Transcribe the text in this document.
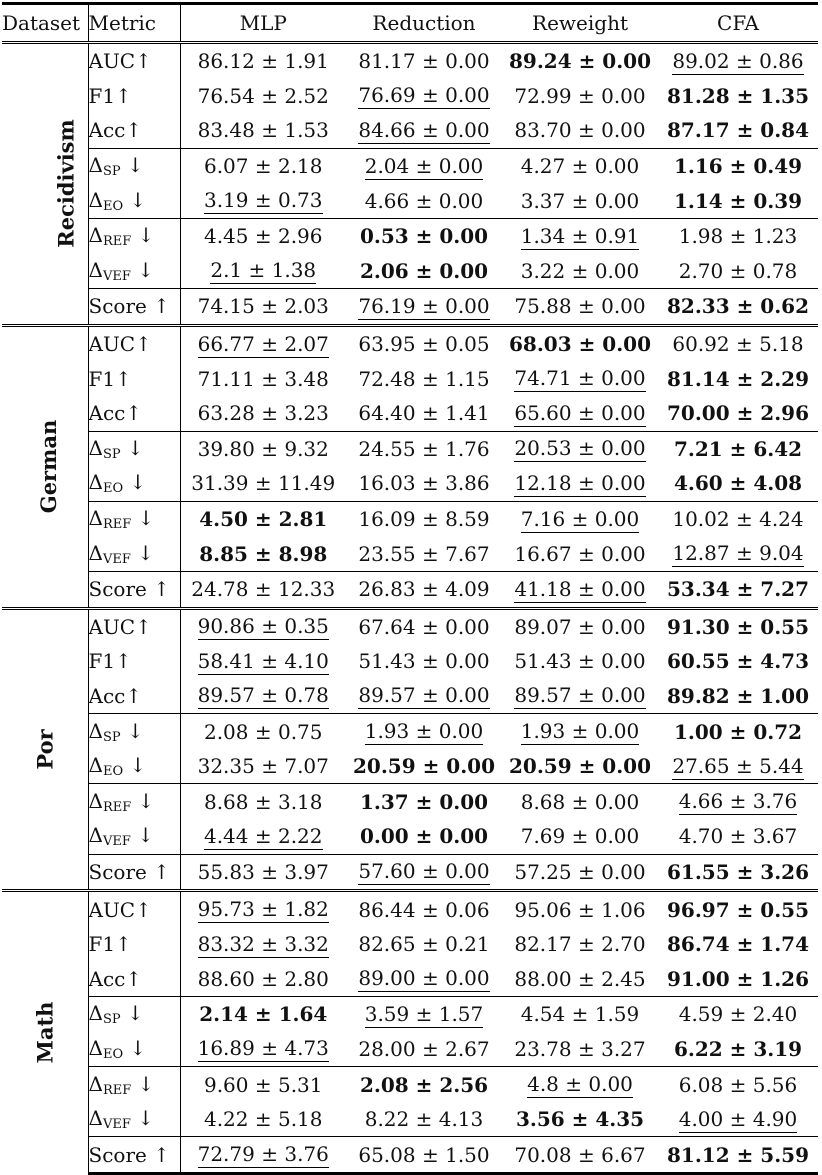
Dataset	Metric	MLP	Reduction	Reweight	CFA
Recidivism	AUC↑	86.12 ± 1.91	81.17 ± 0.00	89.24 ± 0.00	89.02 ± 0.86
	F1↑	76.54 ± 2.52	76.69 ± 0.00	72.99 ± 0.00	81.28 ± 1.35
	Acc↑	83.48 ± 1.53	84.66 ± 0.00	83.70 ± 0.00	87.17 ± 0.84
	$\Delta_{SP}$ ↓	6.07 ± 2.18	2.04 ± 0.00	4.27 ± 0.00	1.16 ± 0.49
	$\Delta_{EO}$ ↓	3.19 ± 0.73	4.66 ± 0.00	3.37 ± 0.00	1.14 ± 0.39
	$\Delta_{REF}$ ↓	4.45 ± 2.96	0.53 ± 0.00	1.34 ± 0.91	1.98 ± 1.23
	$\Delta_{VEF}$ ↓	2.1 ± 1.38	2.06 ± 0.00	3.22 ± 0.00	2.70 ± 0.78
	Score ↑	74.15 ± 2.03	76.19 ± 0.00	75.88 ± 0.00	82.33 ± 0.62
German	AUC↑	66.77 ± 2.07	63.95 ± 0.05	68.03 ± 0.00	60.92 ± 5.18
	F1↑	71.11 ± 3.48	72.48 ± 1.15	74.71 ± 0.00	81.14 ± 2.29
	Acc↑	63.28 ± 3.23	64.40 ± 1.41	65.60 ± 0.00	70.00 ± 2.96
	$\Delta_{SP}$ ↓	39.80 ± 9.32	24.55 ± 1.76	20.53 ± 0.00	7.21 ± 6.42
	$\Delta_{EO}$ ↓	31.39 ± 11.49	16.03 ± 3.86	12.18 ± 0.00	4.60 ± 4.08
	$\Delta_{REF}$ ↓	4.50 ± 2.81	16.09 ± 8.59	7.16 ± 0.00	10.02 ± 4.24
	$\Delta_{VEF}$ ↓	8.85 ± 8.98	23.55 ± 7.67	16.67 ± 0.00	12.87 ± 9.04
	Score ↑	24.78 ± 12.33	26.83 ± 4.09	41.18 ± 0.00	53.34 ± 7.27
Por	AUC↑	90.86 ± 0.35	67.64 ± 0.00	89.07 ± 0.00	91.30 ± 0.55
	F1↑	58.41 ± 4.10	51.43 ± 0.00	51.43 ± 0.00	60.55 ± 4.73
	Acc↑	89.57 ± 0.78	89.57 ± 0.00	89.57 ± 0.00	89.82 ± 1.00
	$\Delta_{SP}$ ↓	2.08 ± 0.75	1.93 ± 0.00	1.93 ± 0.00	1.00 ± 0.72
	$\Delta_{EO}$ ↓	32.35 ± 7.07	20.59 ± 0.00	20.59 ± 0.00	27.65 ± 5.44
	$\Delta_{REF}$ ↓	8.68 ± 3.18	1.37 ± 0.00	8.68 ± 0.00	4.66 ± 3.76
	$\Delta_{VEF}$ ↓	4.44 ± 2.22	0.00 ± 0.00	7.69 ± 0.00	4.70 ± 3.67
	Score ↑	55.83 ± 3.97	57.60 ± 0.00	57.25 ± 0.00	61.55 ± 3.26
Math	AUC↑	95.73 ± 1.82	86.44 ± 0.06	95.06 ± 1.06	96.97 ± 0.55
	F1↑	83.32 ± 3.32	82.65 ± 0.21	82.17 ± 2.70	86.74 ± 1.74
	Acc↑	88.60 ± 2.80	89.00 ± 0.00	88.00 ± 2.45	91.00 ± 1.26
	$\Delta_{SP}$ ↓	2.14 ± 1.64	3.59 ± 1.57	4.54 ± 1.59	4.59 ± 2.40
	$\Delta_{EO}$ ↓	16.89 ± 4.73	28.00 ± 2.67	23.78 ± 3.27	6.22 ± 3.19
	$\Delta_{REF}$ ↓	9.60 ± 5.31	2.08 ± 2.56	4.8 ± 0.00	6.08 ± 5.56
	$\Delta_{VEF}$ ↓	4.22 ± 5.18	8.22 ± 4.13	3.56 ± 4.35	4.00 ± 4.90
	Score ↑	72.79 ± 3.76	65.08 ± 1.50	70.08 ± 6.67	81.12 ± 5.59
